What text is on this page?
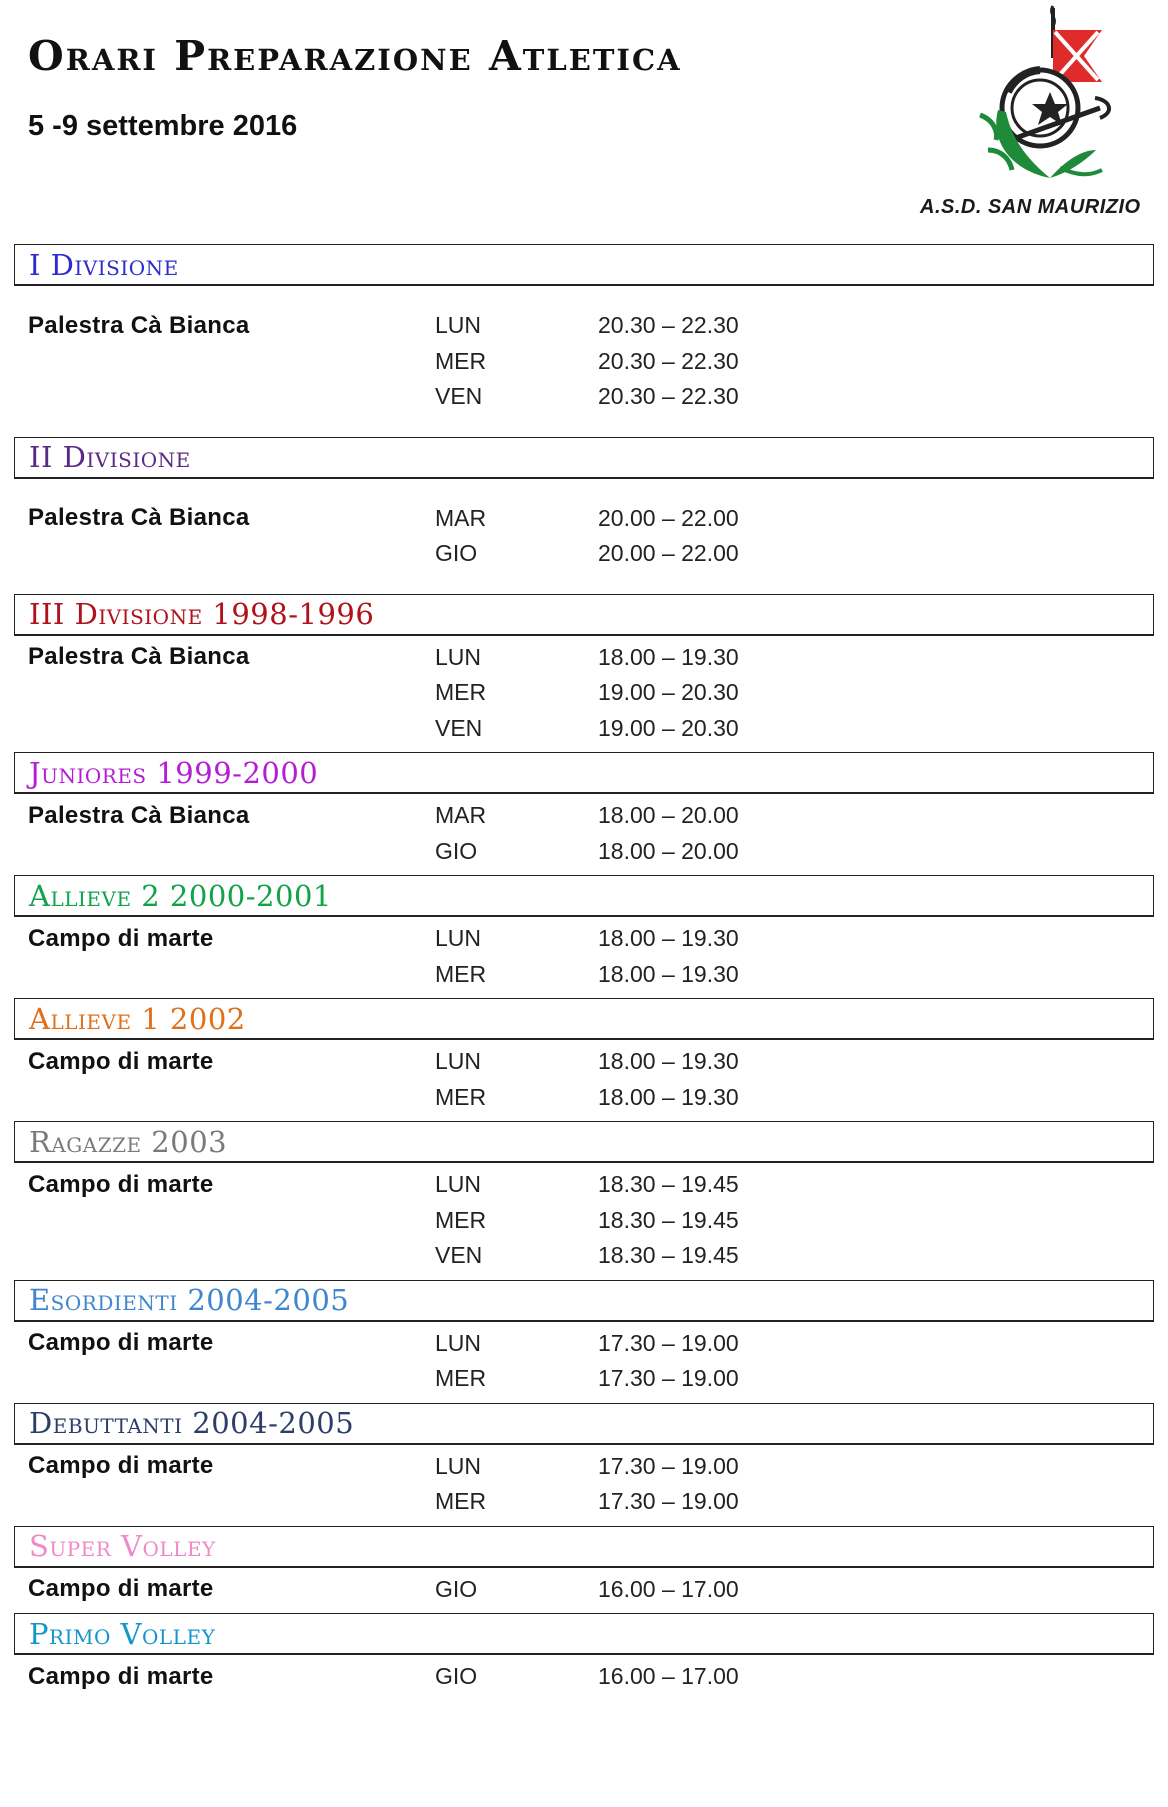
Orari Preparazione Atletica
5 -9 settembre 2016
A.S.D. SAN MAURIZIO
I Divisione
Palestra Cà Bianca	LUN	20.30 – 22.30
MER	20.30 – 22.30
VEN	20.30 – 22.30
II Divisione
Palestra Cà Bianca	MAR	20.00 – 22.00
GIO	20.00 – 22.00
III Divisione 1998-1996
Palestra Cà Bianca	LUN	18.00 – 19.30
MER	19.00 – 20.30
VEN	19.00 – 20.30
Juniores 1999-2000
Palestra Cà Bianca	MAR	18.00 – 20.00
GIO	18.00 – 20.00
Allieve 2 2000-2001
Campo di marte	LUN	18.00 – 19.30
MER	18.00 – 19.30
Allieve 1 2002
Campo di marte	LUN	18.00 – 19.30
MER	18.00 – 19.30
Ragazze 2003
Campo di marte	LUN	18.30 – 19.45
MER	18.30 – 19.45
VEN	18.30 – 19.45
Esordienti 2004-2005
Campo di marte	LUN	17.30 – 19.00
MER	17.30 – 19.00
Debuttanti 2004-2005
Campo di marte	LUN	17.30 – 19.00
MER	17.30 – 19.00
Super Volley
Campo di marte	GIO	16.00 – 17.00
Primo Volley
Campo di marte	GIO	16.00 – 17.00
